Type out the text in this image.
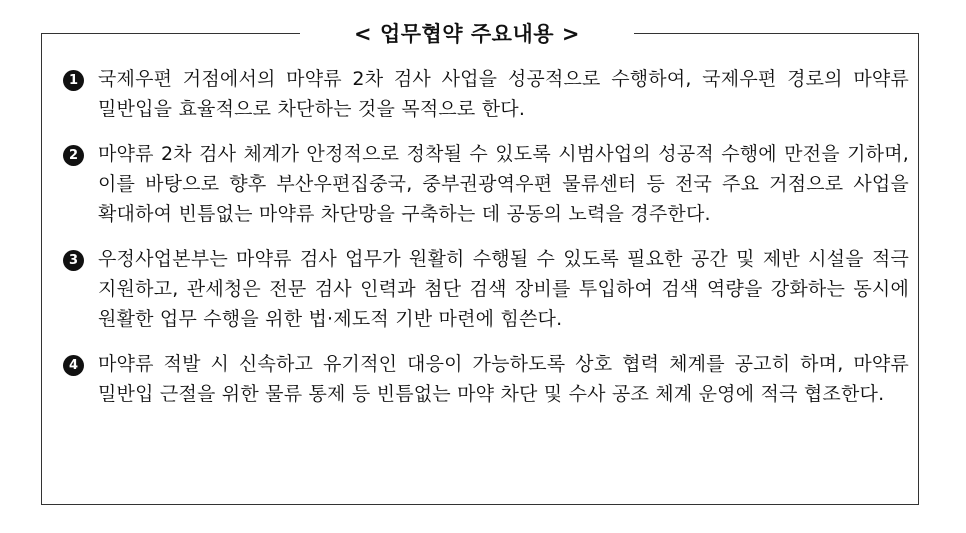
< 업무협약 주요내용 >
1	국제우편 거점에서의 마약류 2차 검사 사업을 성공적으로 수행하여, 국제우편 경로의 마약류 밀반입을 효율적으로 차단하는 것을 목적으로 한다.
2	마약류 2차 검사 체계가 안정적으로 정착될 수 있도록 시범사업의 성공적 수행에 만전을 기하며, 이를 바탕으로 향후 부산우편집중국, 중부권광역우편 물류센터 등 전국 주요 거점으로 사업을 확대하여 빈틈없는 마약류 차단망을 구축하는 데 공동의 노력을 경주한다.
3	우정사업본부는 마약류 검사 업무가 원활히 수행될 수 있도록 필요한 공간 및 제반 시설을 적극 지원하고, 관세청은 전문 검사 인력과 첨단 검색 장비를 투입하여 검색 역량을 강화하는 동시에 원활한 업무 수행을 위한 법·제도적 기반 마련에 힘쓴다.
4	마약류 적발 시 신속하고 유기적인 대응이 가능하도록 상호 협력 체계를 공고히 하며, 마약류 밀반입 근절을 위한 물류 통제 등 빈틈없는 마약 차단 및 수사 공조 체계 운영에 적극 협조한다.
